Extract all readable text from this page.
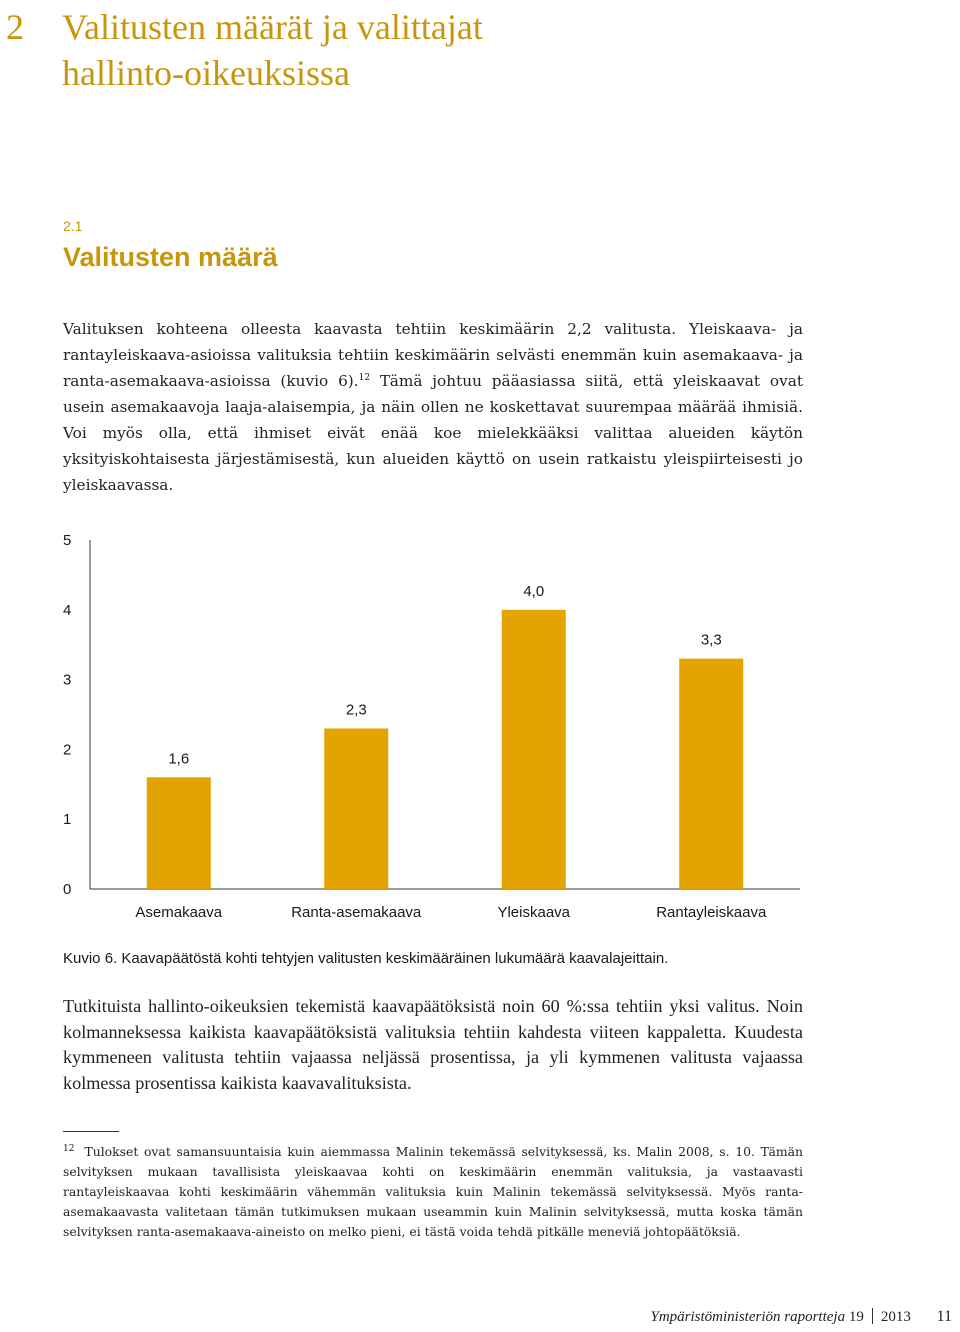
2 Valitusten määrät ja valittajat
hallinto-oikeuksissa
2.1
Valitusten määrä

Valituksen kohteena olleesta kaavasta tehtiin keskimäärin 2,2 valitusta. Yleiskaava- ja rantayleiskaava-asioissa valituksia tehtiin keskimäärin selvästi enemmän kuin asemakaava- ja ranta-asemakaava-asioissa (kuvio 6).$^{12}$ Tämä johtuu pääasiassa siitä, että yleiskaavat ovat usein asemakaavoja laaja-alaisempia, ja näin ollen ne koskettavat suurempaa määrää ihmisiä. Voi myös olla, että ihmiset eivät enää koe mielekkääksi valittaa alueiden käytön yksityiskohtaisesta järjestämisestä, kun alueiden käyttö on usein ratkaistu yleispiirteisesti jo yleiskaavassa.

0
1
2
3
4
5
1,6
Asemakaava
2,3
Ranta-asemakaava
4,0
Yleiskaava
3,3
Rantayleiskaava

Kuvio 6. Kaavapäätöstä kohti tehtyjen valitusten keskimääräinen lukumäärä kaavalajeittain.

Tutkituista hallinto-oikeuksien tekemistä kaavapäätöksistä noin 60 %:ssa tehtiin yksi valitus. Noin kolmanneksessa kaikista kaavapäätöksistä valituksia tehtiin kahdesta viiteen kappaletta. Kuudesta kymmeneen valitusta tehtiin vajaassa neljässä prosentissa, ja yli kymmenen valitusta vajaassa kolmessa prosentissa kaikista kaavavalituksista.

$^{12}$ Tulokset ovat samansuuntaisia kuin aiemmassa Malinin tekemässä selvityksessä, ks. Malin 2008, s. 10. Tämän selvityksen mukaan tavallisista yleiskaavaa kohti on keskimäärin enemmän valituksia, ja vastaavasti rantayleiskaavaa kohti keskimäärin vähemmän valituksia kuin Malinin tekemässä selvityksessä. Myös ranta-asemakaavasta valitetaan tämän tutkimuksen mukaan useammin kuin Malinin selvityksessä, mutta koska tämän selvityksen ranta-asemakaava-aineisto on melko pieni, ei tästä voida tehdä pitkälle meneviä johtopäätöksiä.

Ympäristöministeriön raportteja 19 2013 11
